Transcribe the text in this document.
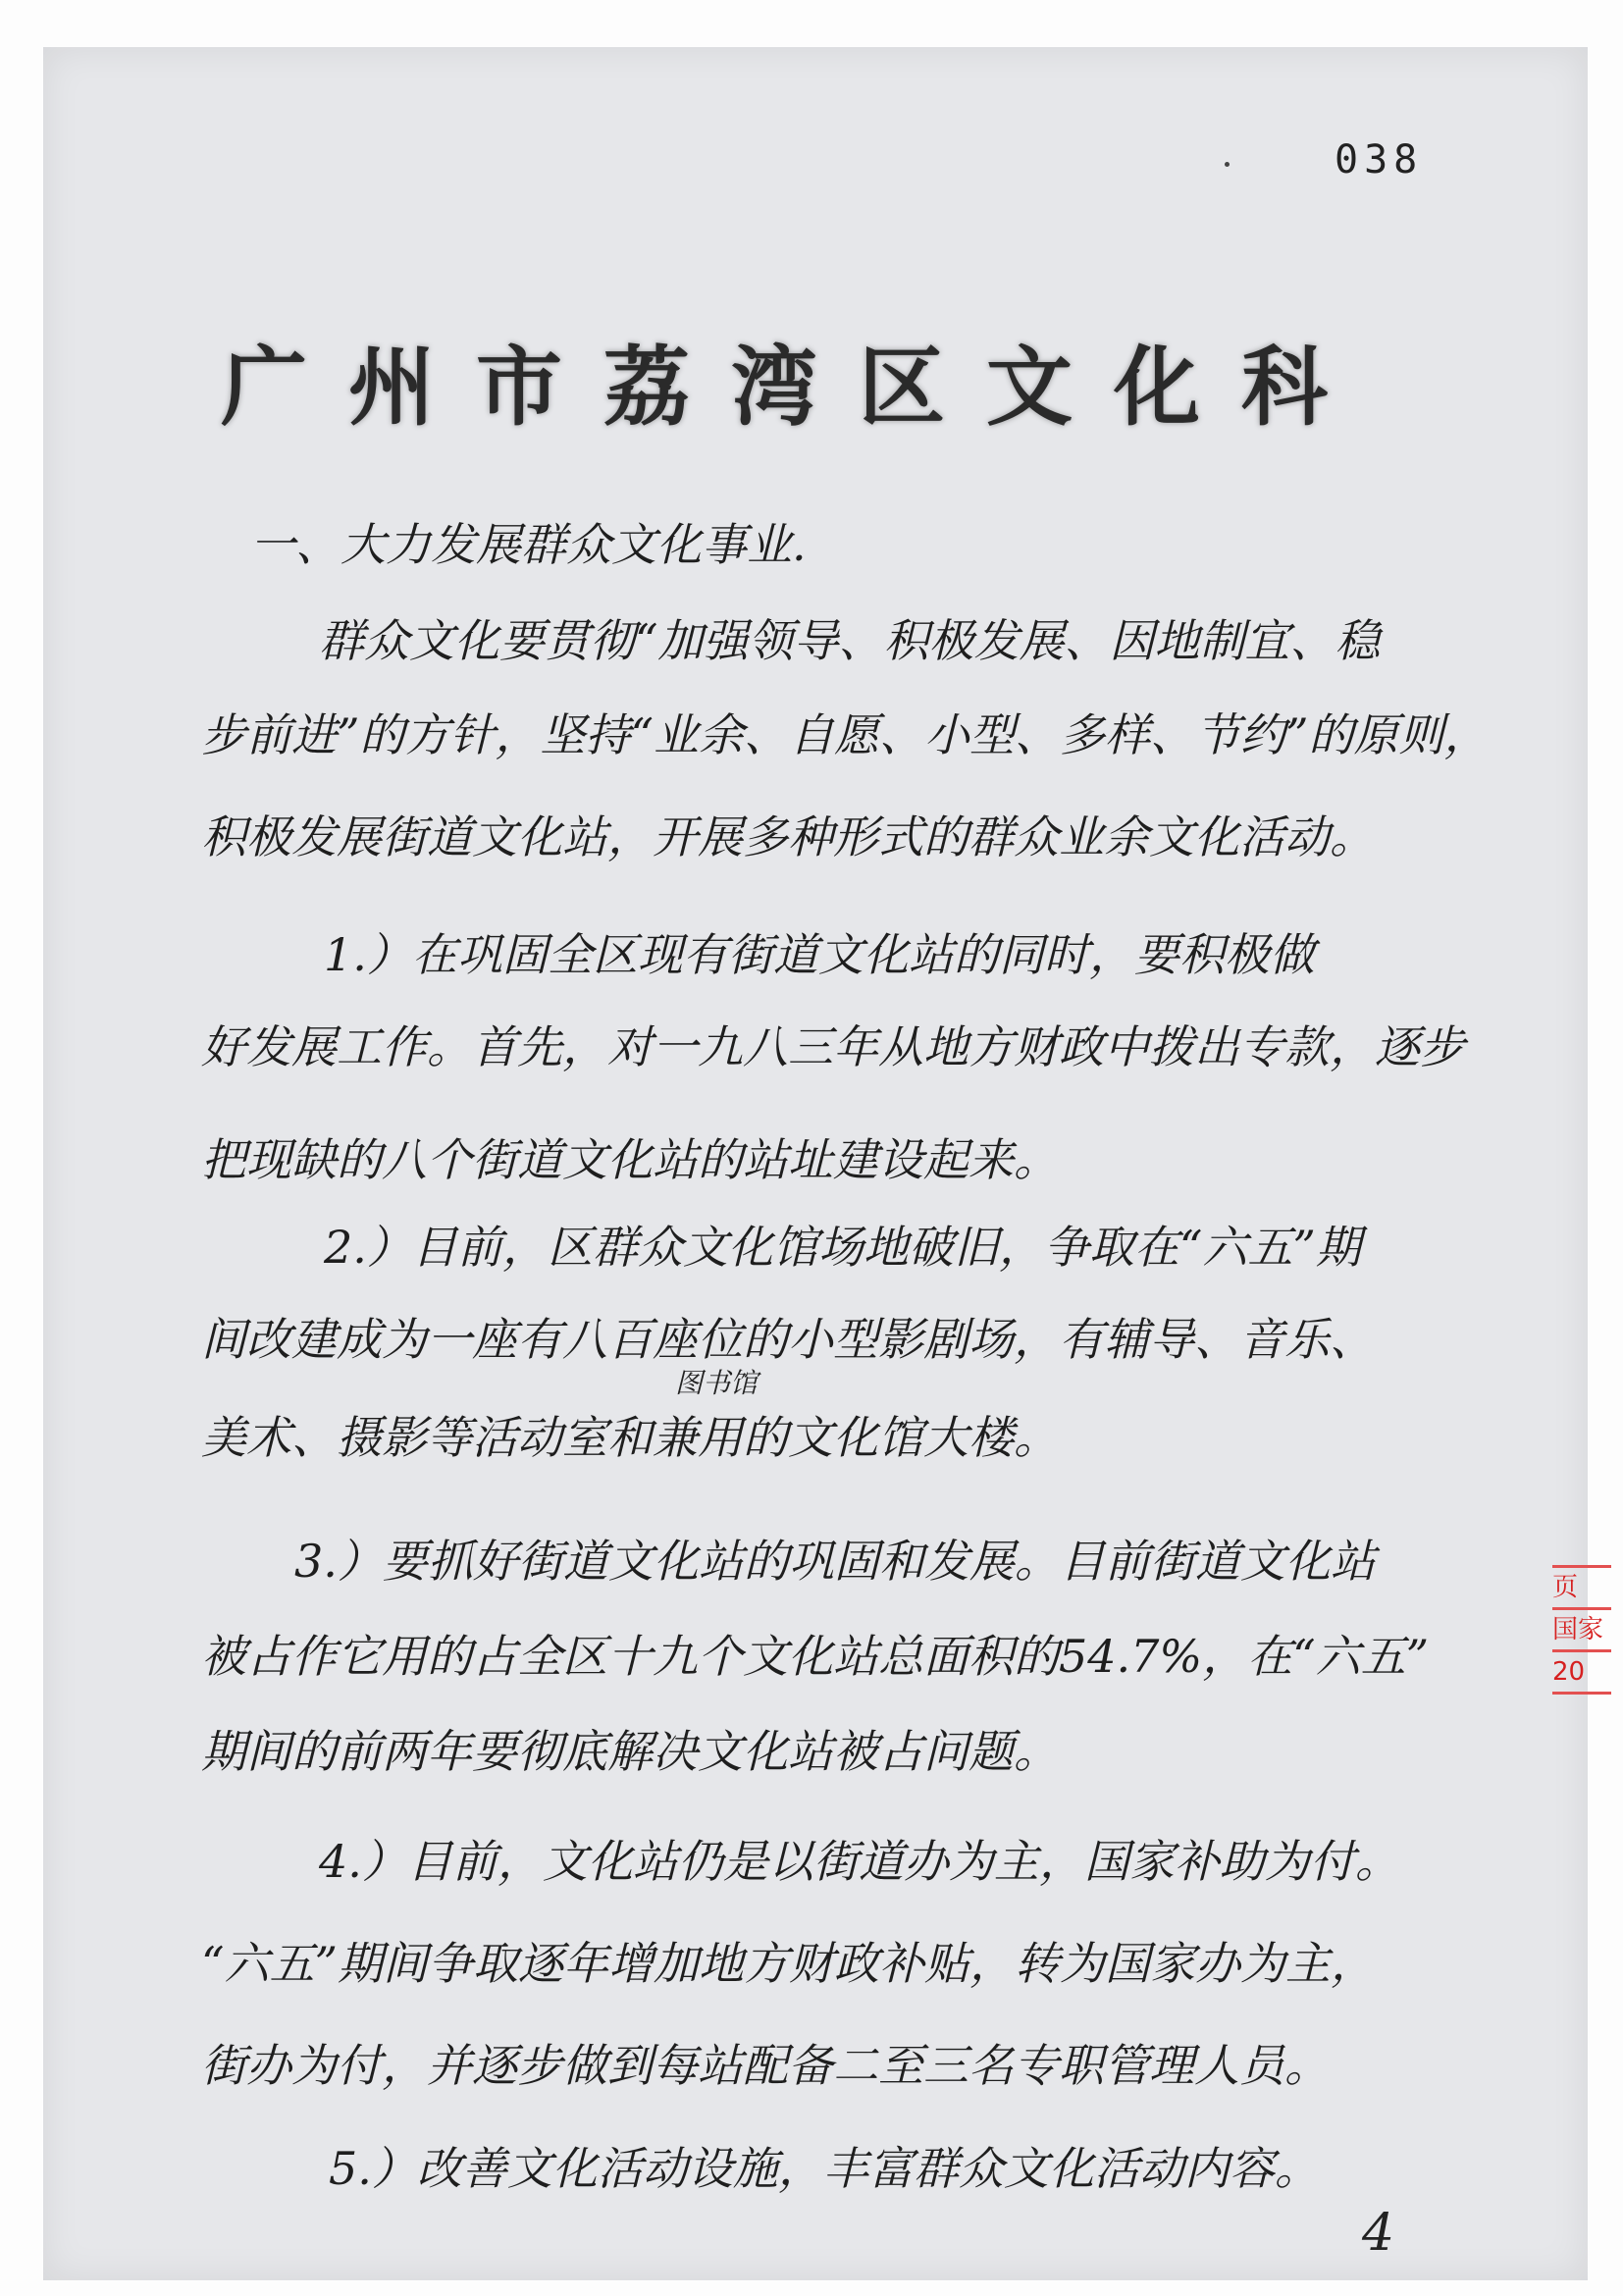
038
广州市荔湾区文化科
一、大力发展群众文化事业.
群众文化要贯彻“加强领导、积极发展、因地制宜、稳
步前进”的方针，坚持“业余、自愿、小型、多样、节约”的原则，
积极发展街道文化站，开展多种形式的群众业余文化活动。
1.）在巩固全区现有街道文化站的同时，要积极做
好发展工作。首先，对一九八三年从地方财政中拨出专款，逐步
把现缺的八个街道文化站的站址建设起来。
2.）目前，区群众文化馆场地破旧，争取在“六五”期
间改建成为一座有八百座位的小型影剧场，有辅导、音乐、
图书馆
美术、摄影等活动室和兼用的文化馆大楼。
3.）要抓好街道文化站的巩固和发展。目前街道文化站
被占作它用的占全区十九个文化站总面积的54.7%，在“六五”
期间的前两年要彻底解决文化站被占问题。
4.）目前，文化站仍是以街道办为主，国家补助为付。
“六五”期间争取逐年增加地方财政补贴，转为国家办为主，
街办为付，并逐步做到每站配备二至三名专职管理人员。
5.）改善文化活动设施，丰富群众文化活动内容。
4
页
国家
20
